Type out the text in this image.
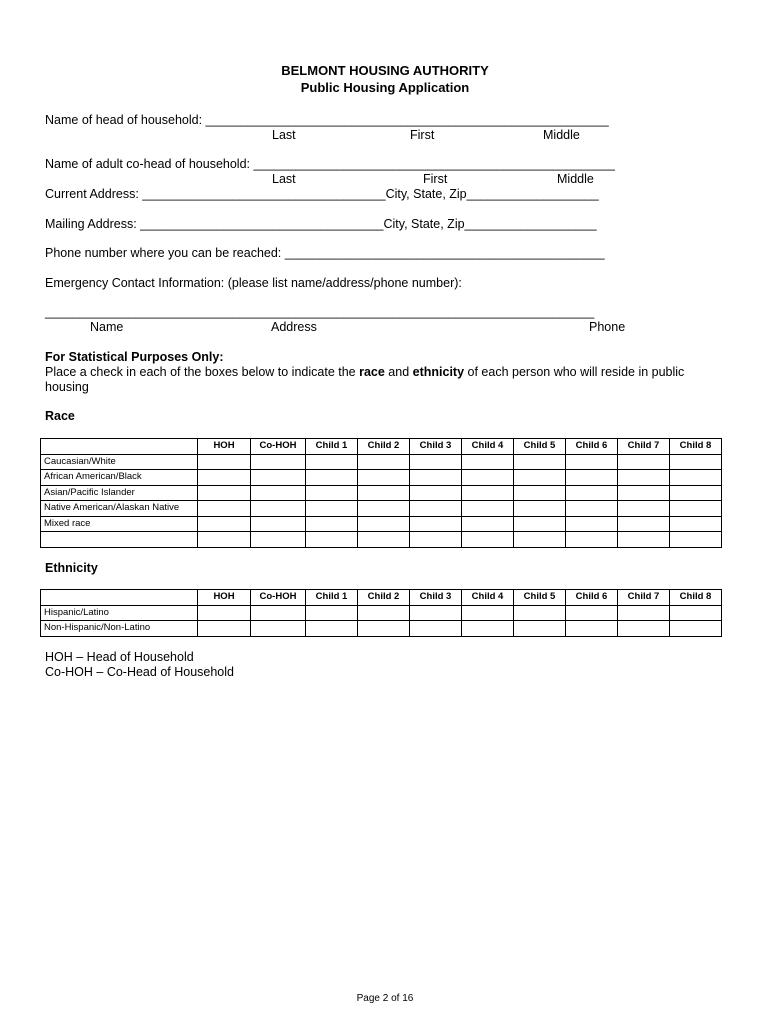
BELMONT HOUSING AUTHORITY
Public Housing Application
Name of head of household: __________________________________________________________
Last	First	Middle
Name of adult co-head of household: ____________________________________________________
Last	First	Middle
Current Address: ___________________________________City, State, Zip___________________
Mailing Address: ___________________________________City, State, Zip___________________
Phone number where you can be reached: ______________________________________________
Emergency Contact Information: (please list name/address/phone number):
_______________________________________________________________________________
Name	Address	Phone
For Statistical Purposes Only:
Place a check in each of the boxes below to indicate the race and ethnicity of each person who will reside in public
housing
Race
	HOH	Co-HOH	Child 1	Child 2	Child 3	Child 4	Child 5	Child 6	Child 7	Child 8
Caucasian/White										
African American/Black										
Asian/Pacific Islander										
Native American/Alaskan Native										
Mixed race										

Ethnicity
	HOH	Co-HOH	Child 1	Child 2	Child 3	Child 4	Child 5	Child 6	Child 7	Child 8
Hispanic/Latino										
Non-Hispanic/Non-Latino										
HOH – Head of Household
Co-HOH – Co-Head of Household
Page 2 of 16
